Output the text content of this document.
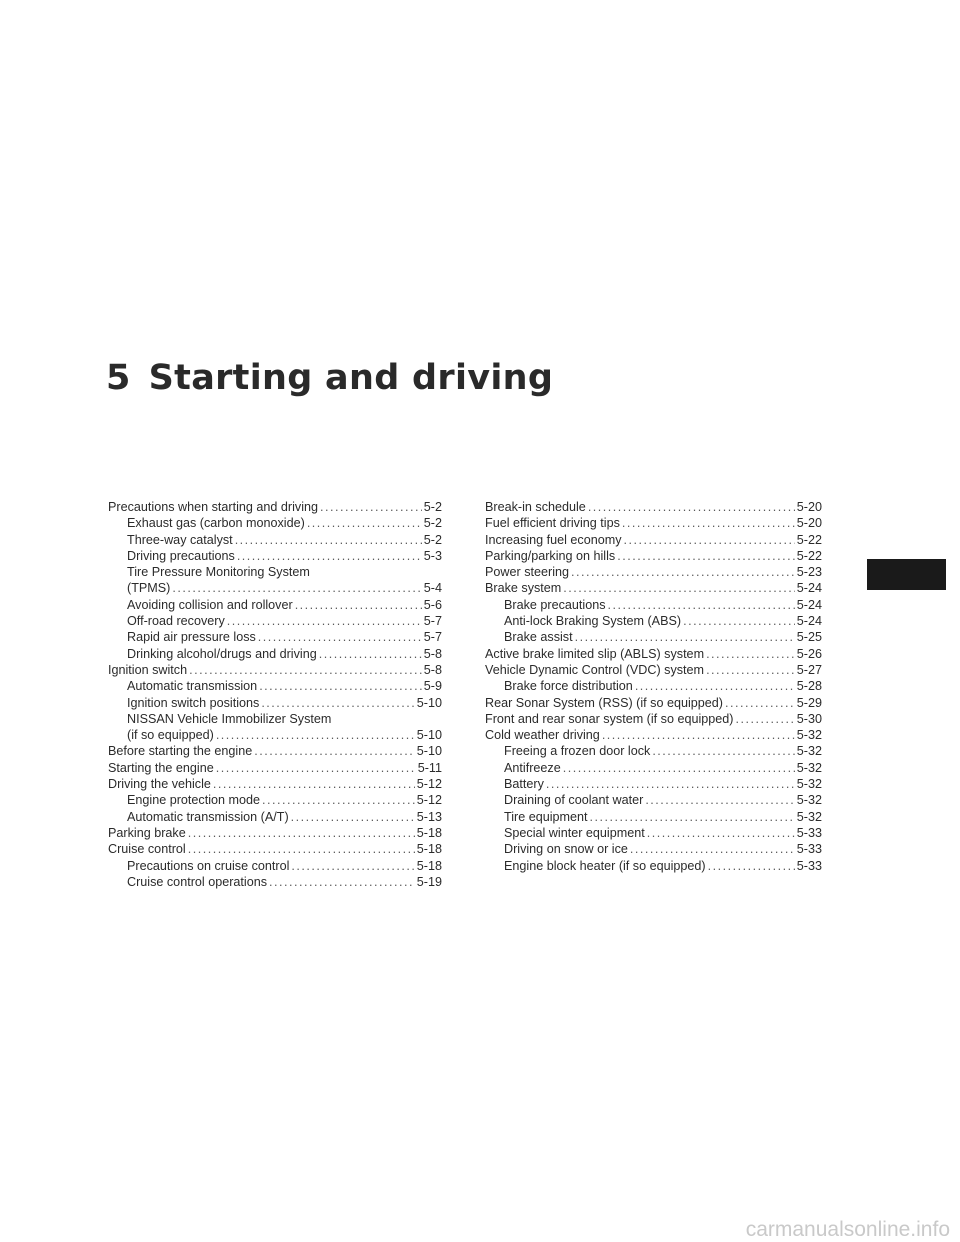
5 Starting and driving
Precautions when starting and driving .....	5-2
Exhaust gas (carbon monoxide) .....	5-2
Three-way catalyst .....	5-2
Driving precautions .....	5-3
Tire Pressure Monitoring System
(TPMS) .....	5-4
Avoiding collision and rollover .....	5-6
Off-road recovery .....	5-7
Rapid air pressure loss .....	5-7
Drinking alcohol/drugs and driving .....	5-8
Ignition switch .....	5-8
Automatic transmission .....	5-9
Ignition switch positions .....	5-10
NISSAN Vehicle Immobilizer System
(if so equipped) .....	5-10
Before starting the engine .....	5-10
Starting the engine .....	5-11
Driving the vehicle .....	5-12
Engine protection mode .....	5-12
Automatic transmission (A/T) .....	5-13
Parking brake .....	5-18
Cruise control .....	5-18
Precautions on cruise control .....	5-18
Cruise control operations .....	5-19
Break-in schedule .....	5-20
Fuel efficient driving tips .....	5-20
Increasing fuel economy .....	5-22
Parking/parking on hills .....	5-22
Power steering .....	5-23
Brake system .....	5-24
Brake precautions .....	5-24
Anti-lock Braking System (ABS) .....	5-24
Brake assist .....	5-25
Active brake limited slip (ABLS) system .....	5-26
Vehicle Dynamic Control (VDC) system .....	5-27
Brake force distribution .....	5-28
Rear Sonar System (RSS) (if so equipped) .....	5-29
Front and rear sonar system (if so equipped) .....	5-30
Cold weather driving .....	5-32
Freeing a frozen door lock .....	5-32
Antifreeze .....	5-32
Battery .....	5-32
Draining of coolant water .....	5-32
Tire equipment .....	5-32
Special winter equipment .....	5-33
Driving on snow or ice .....	5-33
Engine block heater (if so equipped) .....	5-33
carmanualsonline.info
